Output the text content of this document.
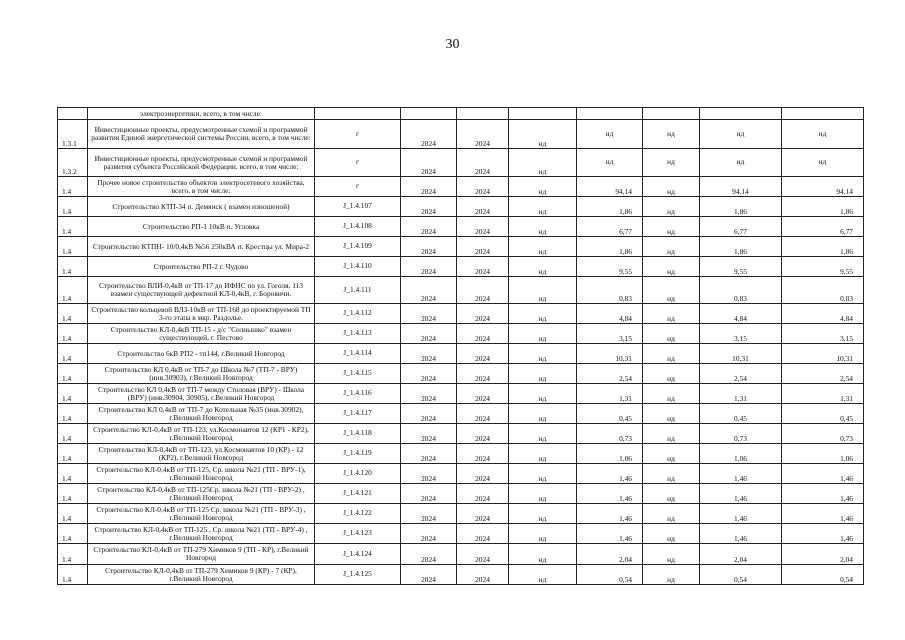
30
	электроэнергетики, всего, в том числе:								
1.3.1	Инвестиционные проекты, предусмотренные схемой и программой развития Единой энергетической системы России, всего, в том числе:	г	2024	2024	нд	нд	нд	нд	нд
1.3.2	Инвестиционные проекты, предусмотренные схемой и программой развития субъекта Российской Федерации, всего, в том числе:	г	2024	2024	нд	нд	нд	нд	нд
1.4	Прочее новое строительство объектов электросетевого хозяйства, всего, в том числе:	г	2024	2024	нд	94,14	нд	94,14	94,14
1.4	Строительство КТП-34 п. Демянск ( взамен изношеной)	J_1.4.107	2024	2024	нд	1,86	нд	1,86	1,86
1.4	Строительство РП-1 10кВ п. Угловка	J_1.4.108	2024	2024	нд	6,77	нд	6,77	6,77
1.4	Строительство КТПН- 10/0,4кВ №56 250кВА п. Крестцы ул. Мира-2	J_1.4.109	2024	2024	нд	1,86	нд	1,86	1,86
1.4	Строительство РП-2 г. Чудово	J_1.4.110	2024	2024	нд	9,55	нд	9,55	9,55
1.4	Строительство ВЛИ-0,4кВ от ТП-17 до ИФНС по ул. Гоголя, 113 взамен существующей дефектной КЛ-0,4кВ, г. Боровичи.	J_1.4.111	2024	2024	нд	0,83	нд	0,83	0,83
1.4	Строительство кольцевой ВЛЗ-10кВ от ТП-168 до проектируемой ТП 3-го этапа в мкр. Раздолье.	J_1.4.112	2024	2024	нд	4,84	нд	4,84	4,84
1.4	Строительство КЛ-0,4кВ ТП-15 - д/с "Солнышко" взамен существующей, г. Пестово	J_1.4.113	2024	2024	нд	3,15	нд	3,15	3,15
1.4	Строительство 6кВ РП2 - тп144, г.Великий Новгород	J_1.4.114	2024	2024	нд	10,31	нд	10,31	10,31
1.4	Строительство КЛ 0,4кВ от ТП-7 до Школа №7 (ТП-7 - ВРУ) (инв.30903), г.Великий Новгород	J_1.4.115	2024	2024	нд	2,54	нд	2,54	2,54
1.4	Строительство КЛ 0,4кВ от ТП-7 между Столовая (ВРУ) - Школа (ВРУ) (инв.30904, 30905), г.Великий Новгород	J_1.4.116	2024	2024	нд	1,31	нд	1,31	1,31
1.4	Строительство КЛ 0,4кВ от ТП-7 до Котельная №35 (инв.30902), г.Великий Новгород	J_1.4.117	2024	2024	нд	0,45	нд	0,45	0,45
1.4	Строительство КЛ-0,4кВ от ТП-123, ул.Космонавтов 12 (КР1 - КР2), г.Великий Новгород	J_1.4.118	2024	2024	нд	0,73	нд	0,73	0,73
1.4	Строительство КЛ-0,4кВ от ТП-123, ул.Космонавтов 10 (КР) - 12 (КР2), г.Великий Новгород	J_1.4.119	2024	2024	нд	1,06	нд	1,06	1,06
1.4	Строительство КЛ-0,4кВ от ТП-125, Ср. школа №21 (ТП - ВРУ-1), г.Великий Новгород	J_1.4.120	2024	2024	нд	1,46	нд	1,46	1,46
1.4	Строительство КЛ-0,4кВ от ТП-125Ср. школа №21 (ТП - ВРУ-2) , г.Великий Новгород	J_1.4.121	2024	2024	нд	1,46	нд	1,46	1,46
1.4	Строительство КЛ-0,4кВ от ТП-125 Ср. школа №21 (ТП - ВРУ-3) , г.Великий Новгород	J_1.4.122	2024	2024	нд	1,46	нд	1,46	1,46
1.4	Строительство КЛ-0,4кВ от ТП-125 , Ср. школа №21 (ТП - ВРУ-4) , г.Великий Новгород	J_1.4.123	2024	2024	нд	1,46	нд	1,46	1,46
1.4	Строительство КЛ-0,4кВ от ТП-279 Химиков 9 (ТП - КР), г.Великий Новгород	J_1.4.124	2024	2024	нд	2,04	нд	2,04	2,04
1.4	Строительство КЛ-0,4кВ от ТП-279 Химиков 9 (КР) - 7 (КР), г.Великий Новгород	J_1.4.125	2024	2024	нд	0,54	нд	0,54	0,54
